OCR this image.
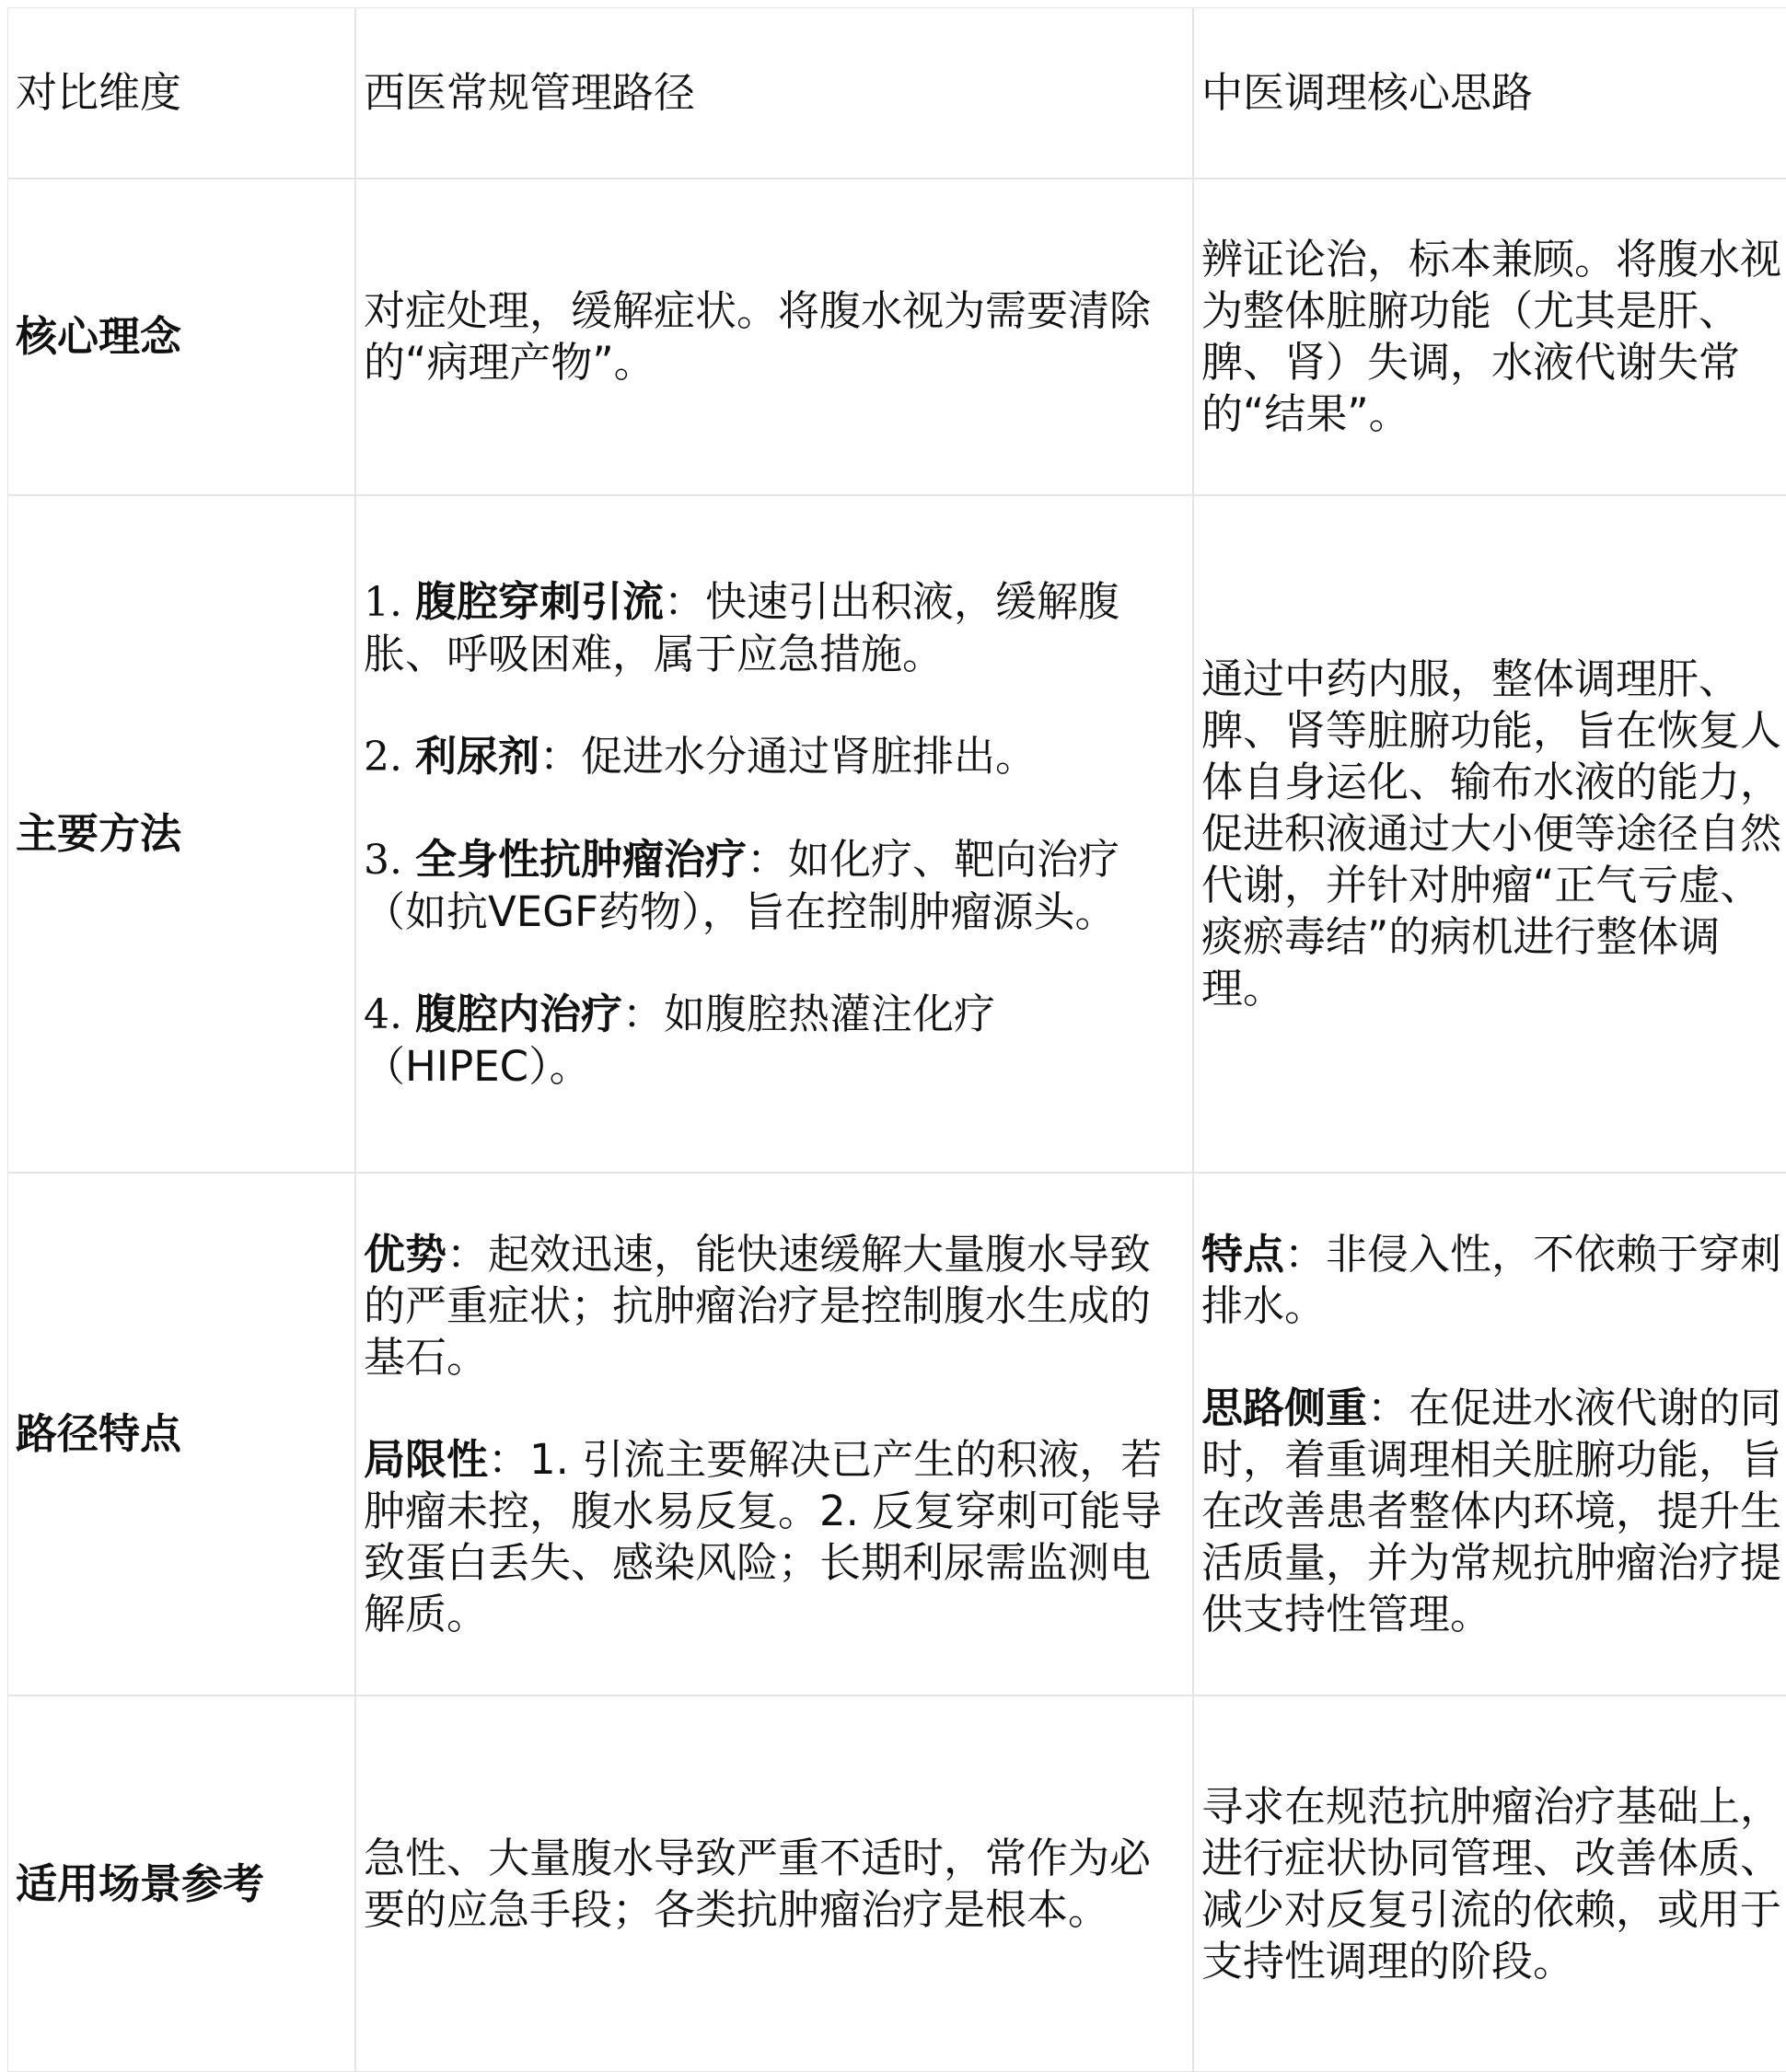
对比维度	西医常规管理路径	中医调理核心思路

核心理念

对症处理，缓解症状。将腹水视为需要清除的“病理产物”。

辨证论治，标本兼顾。将腹水视为整体脏腑功能（尤其是肝、脾、肾）失调，水液代谢失常的“结果”。

主要方法

1. 腹腔穿刺引流：快速引出积液，缓解腹胀、呼吸困难，属于应急措施。

2. 利尿剂：促进水分通过肾脏排出。

3. 全身性抗肿瘤治疗：如化疗、靶向治疗（如抗VEGF药物），旨在控制肿瘤源头。

4. 腹腔内治疗：如腹腔热灌注化疗（HIPEC）。

通过中药内服，整体调理肝、脾、肾等脏腑功能，旨在恢复人体自身运化、输布水液的能力，促进积液通过大小便等途径自然代谢，并针对肿瘤“正气亏虚、痰瘀毒结”的病机进行整体调理。

路径特点

优势：起效迅速，能快速缓解大量腹水导致的严重症状；抗肿瘤治疗是控制腹水生成的基石。

局限性：1. 引流主要解决已产生的积液，若肿瘤未控，腹水易反复。2. 反复穿刺可能导致蛋白丢失、感染风险；长期利尿需监测电解质。

特点：非侵入性，不依赖于穿刺排水。

思路侧重：在促进水液代谢的同时，着重调理相关脏腑功能，旨在改善患者整体内环境，提升生活质量，并为常规抗肿瘤治疗提供支持性管理。

适用场景参考

急性、大量腹水导致严重不适时，常作为必要的应急手段；各类抗肿瘤治疗是根本。

寻求在规范抗肿瘤治疗基础上，进行症状协同管理、改善体质、减少对反复引流的依赖，或用于支持性调理的阶段。
